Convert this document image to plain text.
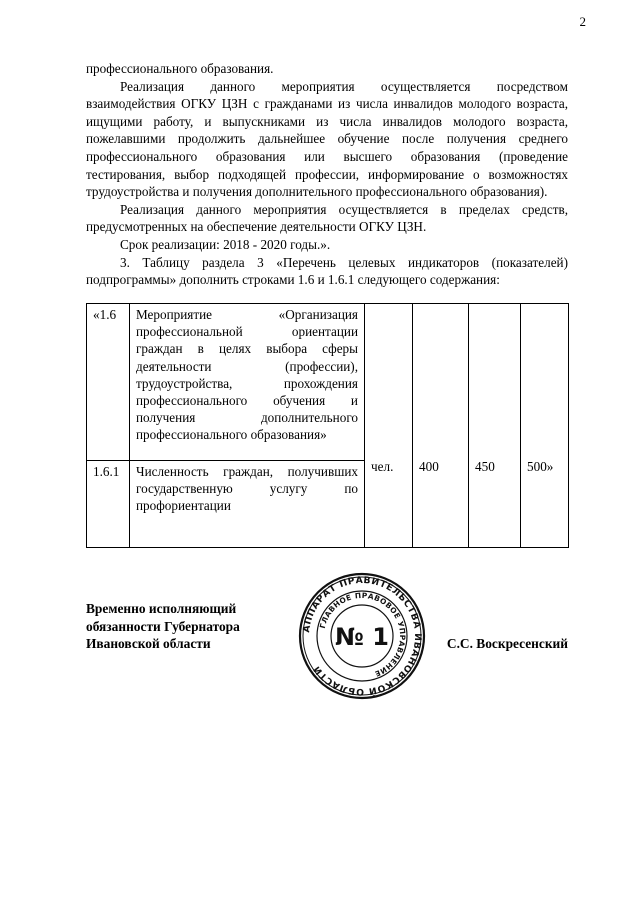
2

профессионального образования.

Реализация данного мероприятия осуществляется посредством взаимодействия ОГКУ ЦЗН с гражданами из числа инвалидов молодого возраста, ищущими работу, и выпускниками из числа инвалидов молодого возраста, пожелавшими продолжить дальнейшее обучение после получения среднего профессионального образования или высшего образования (проведение тестирования, выбор подходящей профессии, информирование о возможностях трудоустройства и получения дополнительного профессионального образования).

Реализация данного мероприятия осуществляется в пределах средств, предусмотренных на обеспечение деятельности ОГКУ ЦЗН.

Срок реализации: 2018 - 2020 годы.».

3. Таблицу раздела 3 «Перечень целевых индикаторов (показателей) подпрограммы» дополнить строками 1.6 и 1.6.1 следующего содержания:

«1.6	Мероприятие «Организация профессиональной ориентации граждан в целях выбора сферы деятельности (профессии), трудоустройства, прохождения профессионального обучения и получения дополнительного профессионального образования»	чел.	400	450	500»
1.6.1	Численность граждан, получивших государственную услугу по профориентации				
Временно исполняющий
обязанности Губернатора
Ивановской области
АППАРАТ ПРАВИТЕЛЬСТВА ИВАНОВСКОЙ ОБЛАСТИ
ГЛАВНОЕ ПРАВОВОЕ УПРАВЛЕНИЕ
№ 1	С.С. Воскресенский
